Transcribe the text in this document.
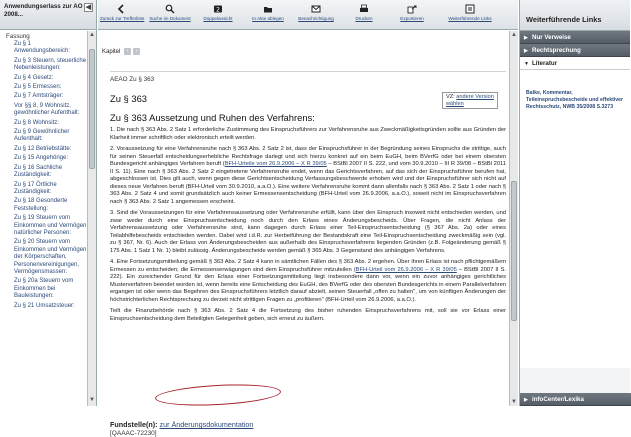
Anwendungserlass zur AO 2008...
◀
Fassung
Zu § 1 Anwendungsbereich:
Zu § 3 Steuern, steuerliche Nebenleistungen:
Zu § 4 Gesetz:
Zu § 5 Ermessen:
Zu § 7 Amtsträger:
Vor §§ 8, 9 Wohnsitz, gewöhnlicher Aufenthalt:
Zu § 8 Wohnsitz:
Zu § 9 Gewöhnlicher Aufenthalt:
Zu § 12 Betriebstätte:
Zu § 15 Angehörige:
Zu § 16 Sachliche Zuständigkeit:
Zu § 17 Örtliche Zuständigkeit:
Zu § 18 Gesonderte Feststellung:
Zu § 19 Steuern vom Einkommen und Vermögen natürlicher Personen:
Zu § 20 Steuern vom Einkommen und Vermögen der Körperschaften, Personenvereinigungen, Vermögensmassen:
Zu § 20a Steuern vom Einkommen bei Bauleistungen:
Zu § 21 Umsatzsteuer:
▲
▼
Zurück zur Trefferliste Suche im Dokument
2
Doppelansicht	In Akte ablegen	Benachrichtigung	Drucken	Exportieren	Weiterführende Links
Kapitel ‹ ›
AEAO Zu § 363
VZ: andere Version wählen
Zu § 363
Zu § 363 Aussetzung und Ruhen des Verfahrens:

1. Die nach § 363 Abs. 2 Satz 1 erforderliche Zustimmung des Einspruchsführers zur Verfahrensruhe aus Zweckmäßigkeitsgründen sollte aus Gründen der Klarheit immer schriftlich oder elektronisch erteilt werden.

2. Voraussetzung für eine Verfahrensruhe nach § 363 Abs. 2 Satz 2 ist, dass der Einspruchsführer in der Begründung seines Einspruchs die strittige, auch für seinen Steuerfall entscheidungserhebliche Rechtsfrage darlegt und sich hierzu konkret auf ein beim EuGH, beim BVerfG oder bei einem obersten Bundesgericht anhängiges Verfahren beruft (BFH-Urteile vom 26.9.2006 – X R 39/05 – BStBl 2007 II S. 222, und vom 30.9.2010 – III R 39/08 – BStBl 2011 II S. 11). Eine nach § 363 Abs. 2 Satz 2 eingetretene Verfahrensruhe endet, wenn das Gerichtsverfahren, auf das sich der Einspruchsführer berufen hat, abgeschlossen ist. Dies gilt auch, wenn gegen diese Gerichtsentscheidung Verfassungsbeschwerde erhoben wird und der Einspruchsführer sich nicht auf dieses neue Verfahren beruft (BFH-Urteil vom 30.9.2010, a.a.O.). Eine weitere Verfahrensruhe kommt dann allenfalls nach § 363 Abs. 2 Satz 1 oder nach § 363 Abs. 2 Satz 4 und somit grundsätzlich auch keiner Ermessensentscheidung (BFH-Urteil vom 26.9.2006, a.a.O.), soweit nicht im Einspruchsverfahren nach § 363 Abs. 2 Satz 1 angemessen erscheint.

3. Sind die Voraussetzungen für eine Verfahrensaussetzung oder Verfahrensruhe erfüllt, kann über den Einspruch insoweit nicht entschieden werden, und zwar weder durch eine Einspruchsentscheidung noch durch den Erlass eines Änderungsbescheids. Über Fragen, die nicht Anlass der Verfahrensaussetzung oder Verfahrensruhe sind, kann dagegen durch Erlass einer Teil-Einspruchsentscheidung (§ 367 Abs. 2a) oder eines Teilabhilfebescheids entschieden werden. Dabei wird i.d.R. zur Herbeiführung der Bestandskraft eine Teil-Einspruchsentscheidung zweckmäßig sein (vgl. zu § 367, Nr. 6). Auch der Erlass von Änderungsbescheiden aus außerhalb des Einspruchsverfahrens liegenden Gründen (z.B. Folgeänderung gemäß § 175 Abs. 1 Satz 1 Nr. 1) bleibt zulässig. Änderungsbescheide werden gemäß § 365 Abs. 3 Gegenstand des anhängigen Verfahrens.

4. Eine Fortsetzungsmitteilung gemäß § 363 Abs. 2 Satz 4 kann in sämtlichen Fällen des § 363 Abs. 2 ergehen. Über ihren Erlass ist nach pflichtgemäßem Ermessen zu entscheiden; die Ermessenserwägungen sind dem Einspruchsführer mitzuteilen (BFH-Urteil vom 26.9.2006 – X R 39/05 – BStBl 2007 II S. 222). Ein zureichender Grund für den Erlass einer Fortsetzungsmitteilung liegt insbesondere dann vor, wenn ein zuvor anhängiges gerichtliches Musterverfahren beendet worden ist, wenn bereits eine Entscheidung des EuGH, des BVerfG oder des obersten Bundesgerichts in einem Parallelverfahren ergangen ist oder wenn das Begehren des Einspruchsführers letztlich darauf abzielt, seinen Steuerfall „offen zu halten", um von künftigen Änderungen der höchstrichterlichen Rechtsprechung zu derzeit nicht strittigen Fragen zu „profitieren" (BFH-Urteil vom 26.9.2006, a.a.O.).

Teilt die Finanzbehörde nach § 363 Abs. 2 Satz 4 die Fortsetzung des bisher ruhenden Einspruchsverfahrens mit, soll sie vor Erlass einer Einspruchsentscheidung dem Beteiligten Gelegenheit geben, sich erneut zu äußern.

Fundstelle(n): zur Änderungsdokumentation
[QAAAC-72230]
▲
▼
Weiterführende Links
▶ Nur Verweise
▶ Rechtsprechung
▼ Literatur
Balke, Kommentar, Teileinspruchsbescheide und effektiver Rechtsschutz, NWB 35/2008 S.3273
▶ infoCenter/Lexika
